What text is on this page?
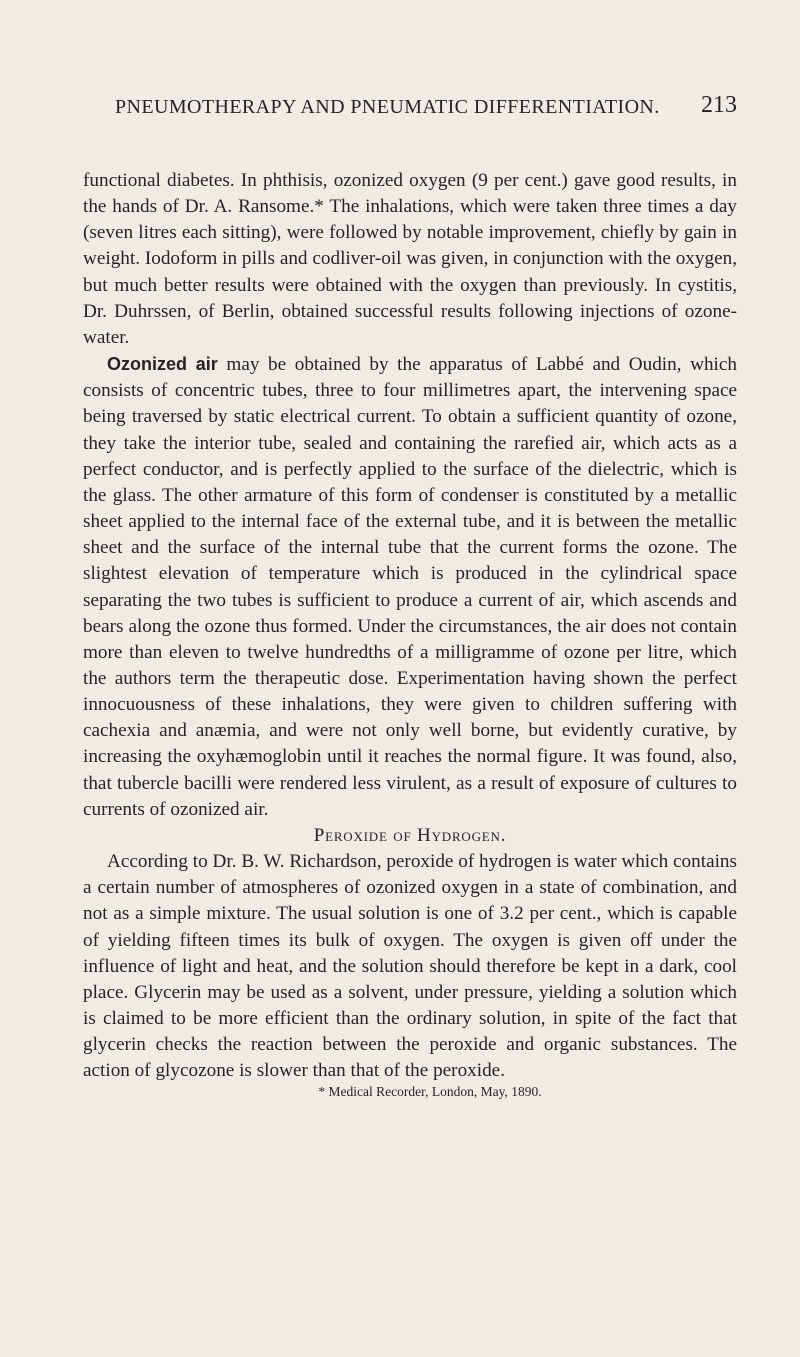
PNEUMOTHERAPY AND PNEUMATIC DIFFERENTIATION. 213

functional diabetes. In phthisis, ozonized oxygen (9 per cent.) gave good results, in the hands of Dr. A. Ransome.* The inhalations, which were taken three times a day (seven litres each sitting), were followed by notable improvement, chiefly by gain in weight. Iodoform in pills and codliver-oil was given, in conjunction with the oxygen, but much better results were obtained with the oxygen than previously. In cystitis, Dr. Duhrssen, of Berlin, obtained successful results following injections of ozone-water.

Ozonized air may be obtained by the apparatus of Labbé and Oudin, which consists of concentric tubes, three to four millimetres apart, the intervening space being traversed by static electrical current. To obtain a sufficient quantity of ozone, they take the interior tube, sealed and containing the rarefied air, which acts as a perfect conductor, and is perfectly applied to the surface of the dielectric, which is the glass. The other armature of this form of condenser is constituted by a metallic sheet applied to the internal face of the external tube, and it is between the metallic sheet and the surface of the internal tube that the current forms the ozone. The slightest elevation of temperature which is produced in the cylindrical space separating the two tubes is sufficient to produce a current of air, which ascends and bears along the ozone thus formed. Under the circumstances, the air does not contain more than eleven to twelve hundredths of a milligramme of ozone per litre, which the authors term the therapeutic dose. Experimentation having shown the perfect innocuousness of these inhalations, they were given to children suffering with cachexia and anæmia, and were not only well borne, but evidently curative, by increasing the oxyhæmoglobin until it reaches the normal figure. It was found, also, that tubercle bacilli were rendered less virulent, as a result of exposure of cultures to currents of ozonized air.

Peroxide of Hydrogen.

According to Dr. B. W. Richardson, peroxide of hydrogen is water which contains a certain number of atmospheres of ozonized oxygen in a state of combination, and not as a simple mixture. The usual solution is one of 3.2 per cent., which is capable of yielding fifteen times its bulk of oxygen. The oxygen is given off under the influence of light and heat, and the solution should therefore be kept in a dark, cool place. Glycerin may be used as a solvent, under pressure, yielding a solution which is claimed to be more efficient than the ordinary solution, in spite of the fact that glycerin checks the reaction between the peroxide and organic substances. The action of glycozone is slower than that of the peroxide.

* Medical Recorder, London, May, 1890.
